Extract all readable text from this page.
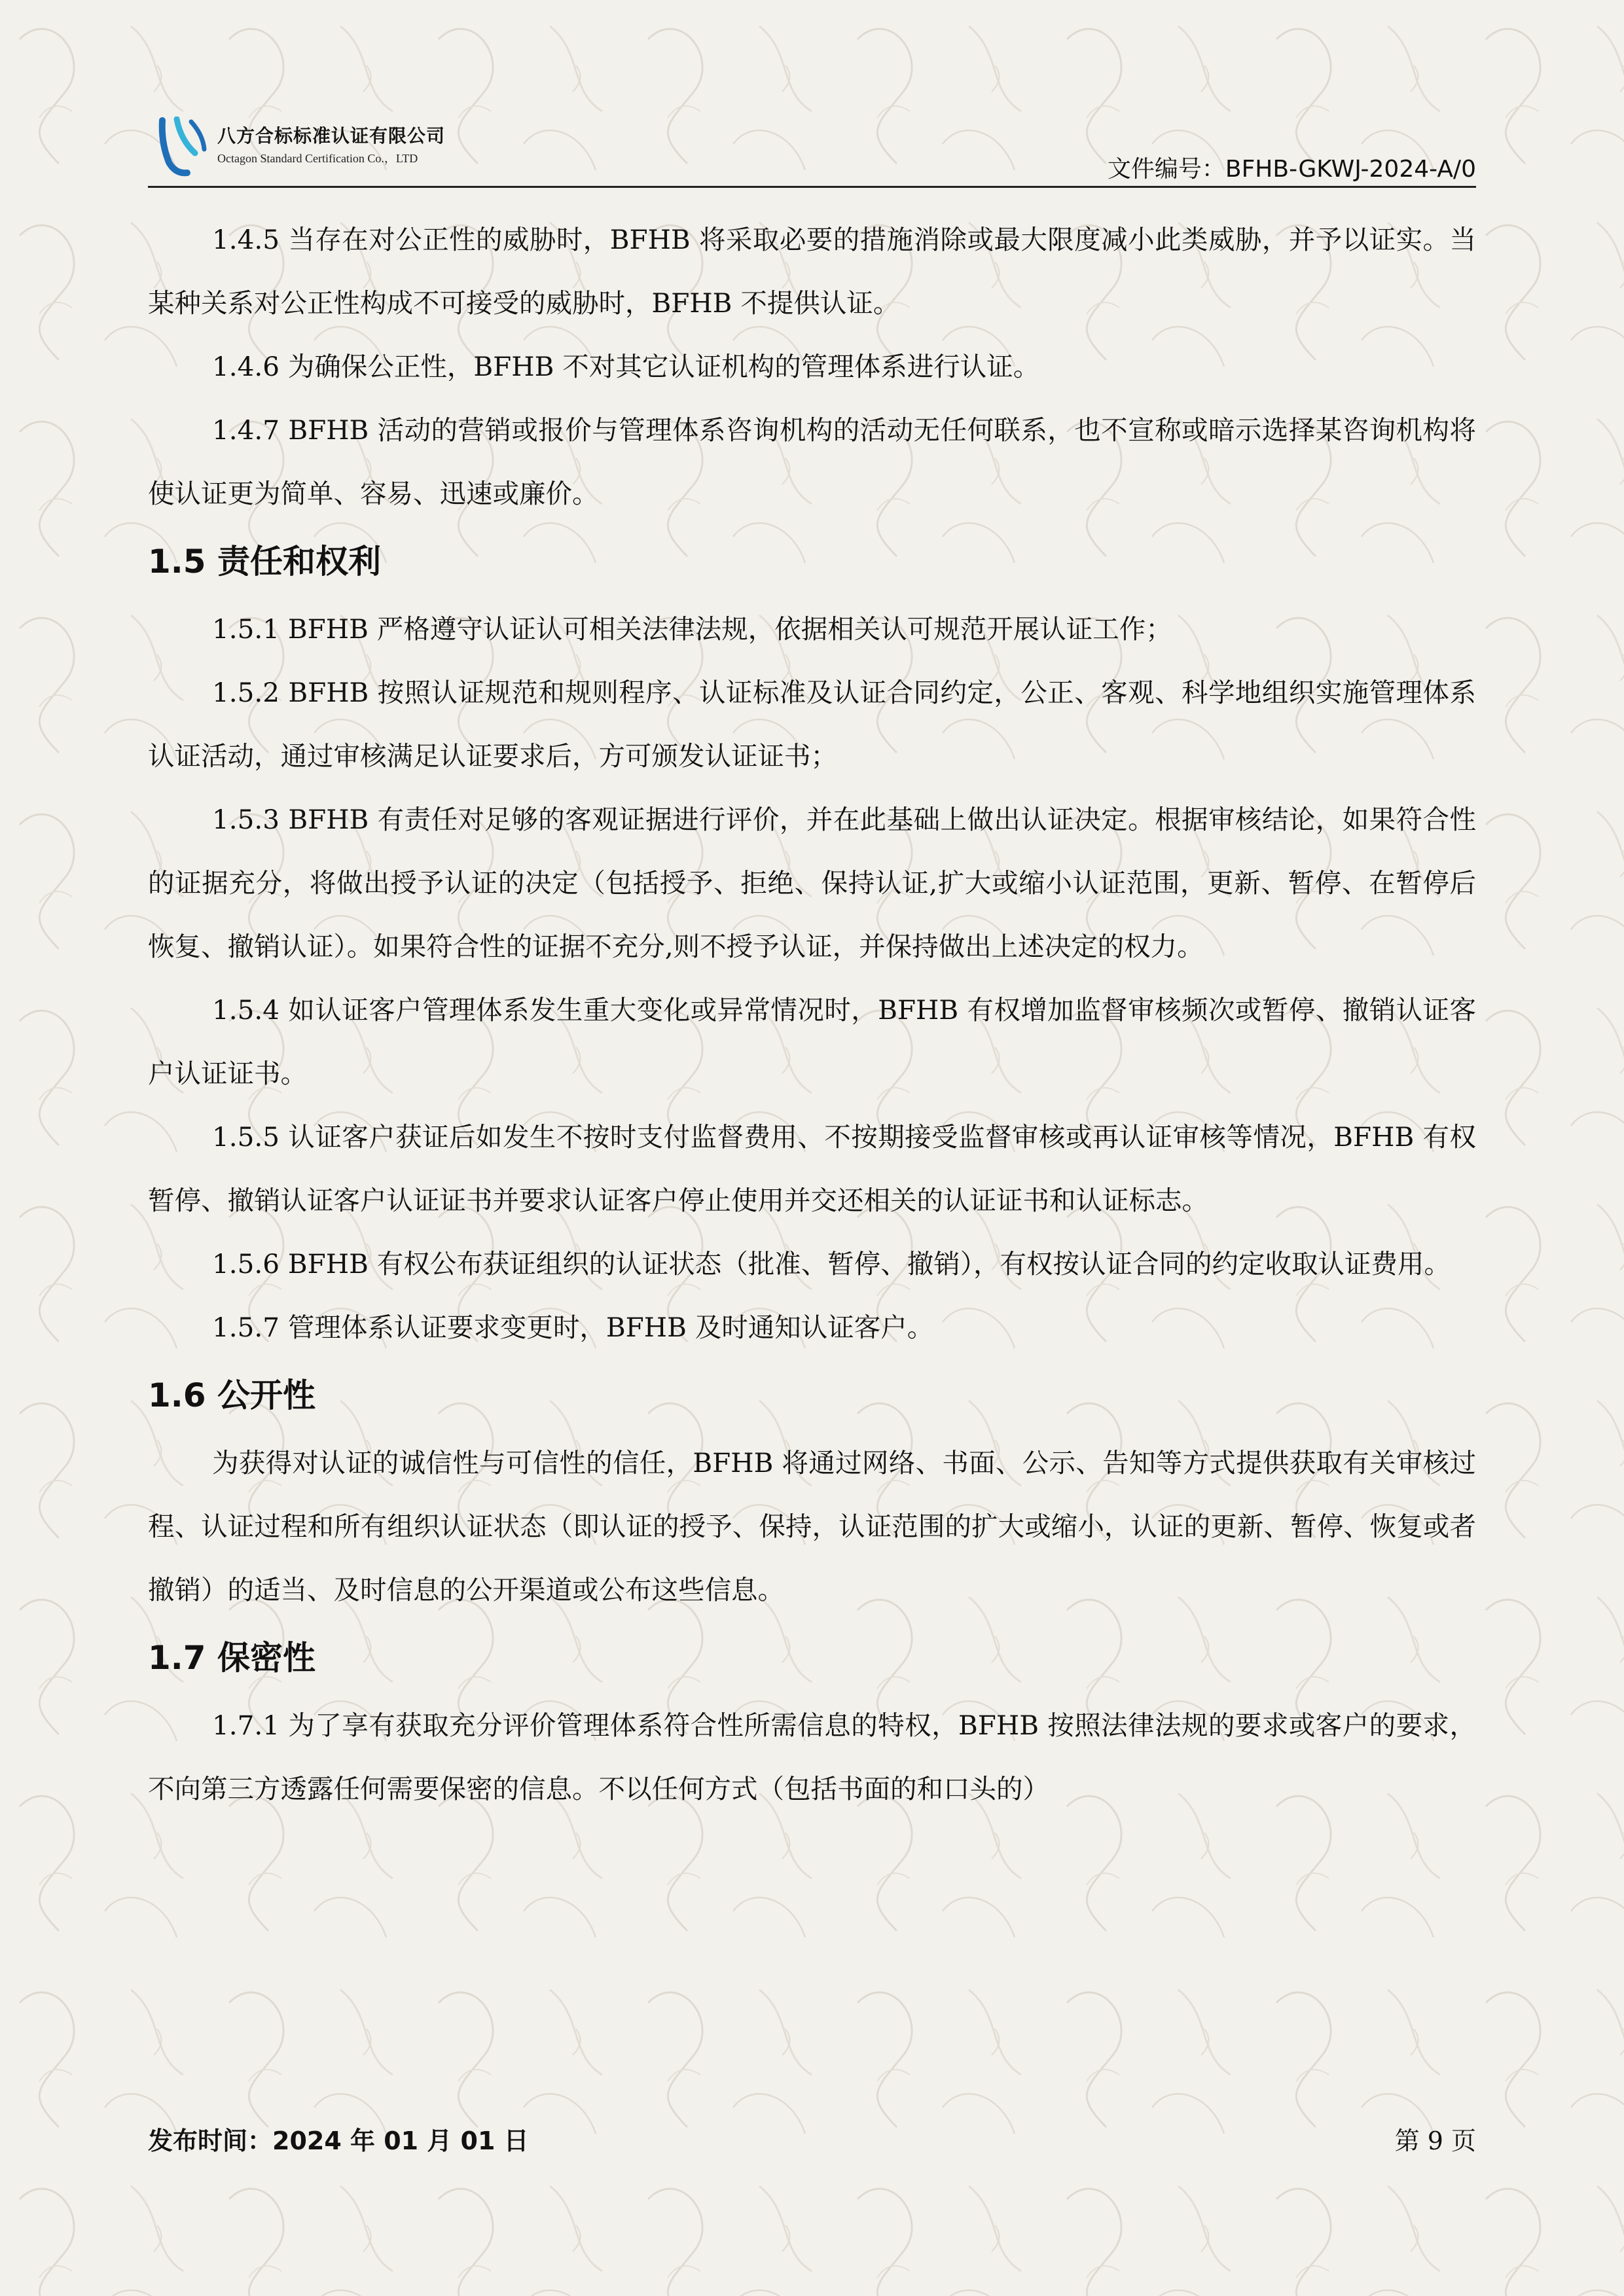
八方合标标准认证有限公司
Octagon Standard Certification Co.，LTD	文件编号：BFHB-GKWJ-2024-A/0

1.4.5 当存在对公正性的威胁时，BFHB 将采取必要的措施消除或最大限度减小此类威胁，并予以证实。当某种关系对公正性构成不可接受的威胁时，BFHB 不提供认证。

1.4.6 为确保公正性，BFHB 不对其它认证机构的管理体系进行认证。

1.4.7 BFHB 活动的营销或报价与管理体系咨询机构的活动无任何联系，也不宣称或暗示选择某咨询机构将使认证更为简单、容易、迅速或廉价。

1.5 责任和权利

1.5.1 BFHB 严格遵守认证认可相关法律法规，依据相关认可规范开展认证工作；

1.5.2 BFHB 按照认证规范和规则程序、认证标准及认证合同约定，公正、客观、科学地组织实施管理体系认证活动，通过审核满足认证要求后，方可颁发认证证书；

1.5.3 BFHB 有责任对足够的客观证据进行评价，并在此基础上做出认证决定。根据审核结论，如果符合性的证据充分，将做出授予认证的决定（包括授予、拒绝、保持认证,扩大或缩小认证范围，更新、暂停、在暂停后恢复、撤销认证）。如果符合性的证据不充分,则不授予认证，并保持做出上述决定的权力。

1.5.4 如认证客户管理体系发生重大变化或异常情况时，BFHB 有权增加监督审核频次或暂停、撤销认证客户认证证书。

1.5.5 认证客户获证后如发生不按时支付监督费用、不按期接受监督审核或再认证审核等情况，BFHB 有权暂停、撤销认证客户认证证书并要求认证客户停止使用并交还相关的认证证书和认证标志。

1.5.6 BFHB 有权公布获证组织的认证状态（批准、暂停、撤销），有权按认证合同的约定收取认证费用。

1.5.7 管理体系认证要求变更时，BFHB 及时通知认证客户。

1.6 公开性

为获得对认证的诚信性与可信性的信任，BFHB 将通过网络、书面、公示、告知等方式提供获取有关审核过程、认证过程和所有组织认证状态（即认证的授予、保持，认证范围的扩大或缩小，认证的更新、暂停、恢复或者撤销）的适当、及时信息的公开渠道或公布这些信息。

1.7 保密性

1.7.1 为了享有获取充分评价管理体系符合性所需信息的特权，BFHB 按照法律法规的要求或客户的要求，不向第三方透露任何需要保密的信息。不以任何方式（包括书面的和口头的）

发布时间：2024 年 01 月 01 日	第 9 页
